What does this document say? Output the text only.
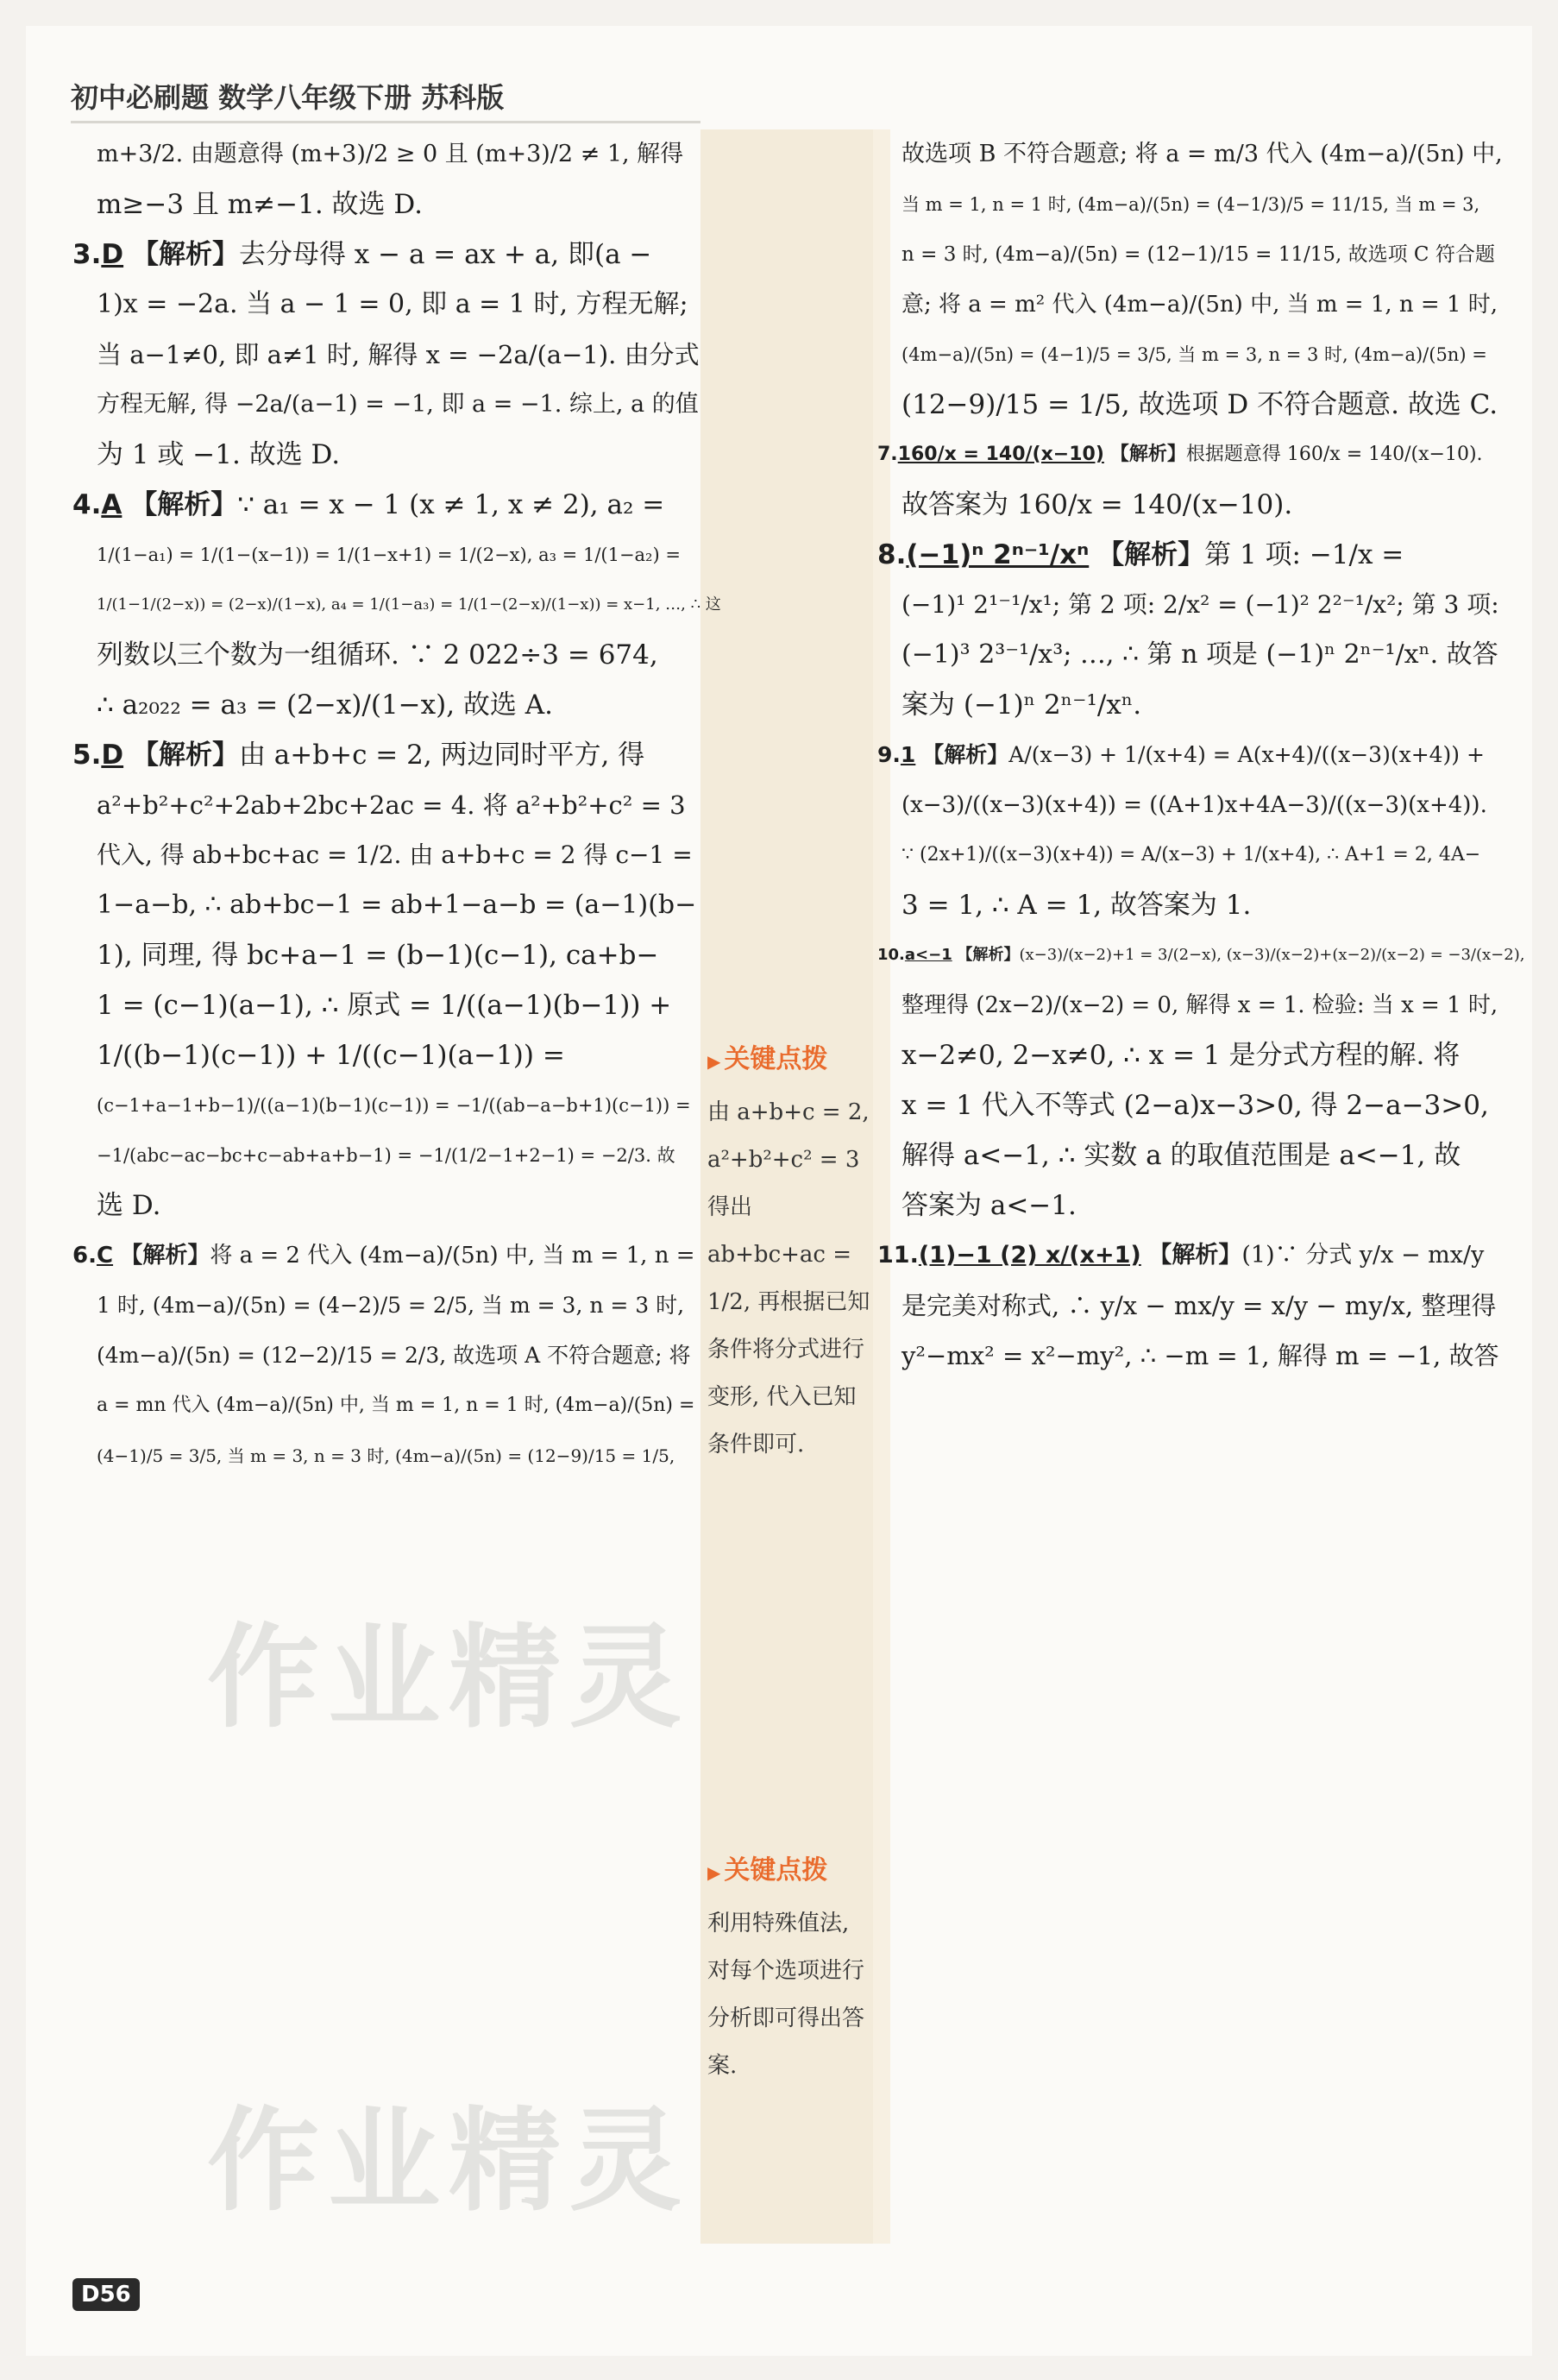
初中必刷题 数学八年级下册 苏科版

m+3/2. 由题意得 (m+3)/2 ≥ 0 且 (m+3)/2 ≠ 1, 解得

m≥−3 且 m≠−1. 故选 D.

3.D 【解析】去分母得 x − a = ax + a, 即(a −

1)x = −2a. 当 a − 1 = 0, 即 a = 1 时, 方程无解;

当 a−1≠0, 即 a≠1 时, 解得 x = −2a/(a−1). 由分式

方程无解, 得 −2a/(a−1) = −1, 即 a = −1. 综上, a 的值

为 1 或 −1. 故选 D.

4.A 【解析】∵ a₁ = x − 1 (x ≠ 1, x ≠ 2), a₂ =

1/(1−a₁) = 1/(1−(x−1)) = 1/(1−x+1) = 1/(2−x), a₃ = 1/(1−a₂) =

1/(1−1/(2−x)) = (2−x)/(1−x), a₄ = 1/(1−a₃) = 1/(1−(2−x)/(1−x)) = x−1, …, ∴ 这

列数以三个数为一组循环. ∵ 2 022÷3 = 674,

∴ a₂₀₂₂ = a₃ = (2−x)/(1−x), 故选 A.

5.D 【解析】由 a+b+c = 2, 两边同时平方, 得

a²+b²+c²+2ab+2bc+2ac = 4. 将 a²+b²+c² = 3

代入, 得 ab+bc+ac = 1/2. 由 a+b+c = 2 得 c−1 =

1−a−b, ∴ ab+bc−1 = ab+1−a−b = (a−1)(b−

1), 同理, 得 bc+a−1 = (b−1)(c−1), ca+b−

1 = (c−1)(a−1), ∴ 原式 = 1/((a−1)(b−1)) +

1/((b−1)(c−1)) + 1/((c−1)(a−1)) =

(c−1+a−1+b−1)/((a−1)(b−1)(c−1)) = −1/((ab−a−b+1)(c−1)) =

−1/(abc−ac−bc+c−ab+a+b−1) = −1/(1/2−1+2−1) = −2/3. 故

选 D.

6.C 【解析】将 a = 2 代入 (4m−a)/(5n) 中, 当 m = 1, n =

1 时, (4m−a)/(5n) = (4−2)/5 = 2/5, 当 m = 3, n = 3 时,

(4m−a)/(5n) = (12−2)/15 = 2/3, 故选项 A 不符合题意; 将

a = mn 代入 (4m−a)/(5n) 中, 当 m = 1, n = 1 时, (4m−a)/(5n) =

(4−1)/5 = 3/5, 当 m = 3, n = 3 时, (4m−a)/(5n) = (12−9)/15 = 1/5,

故选项 B 不符合题意; 将 a = m/3 代入 (4m−a)/(5n) 中,

当 m = 1, n = 1 时, (4m−a)/(5n) = (4−1/3)/5 = 11/15, 当 m = 3,

n = 3 时, (4m−a)/(5n) = (12−1)/15 = 11/15, 故选项 C 符合题

意; 将 a = m² 代入 (4m−a)/(5n) 中, 当 m = 1, n = 1 时,

(4m−a)/(5n) = (4−1)/5 = 3/5, 当 m = 3, n = 3 时, (4m−a)/(5n) =

(12−9)/15 = 1/5, 故选项 D 不符合题意. 故选 C.

7.160/x = 140/(x−10) 【解析】根据题意得 160/x = 140/(x−10).

故答案为 160/x = 140/(x−10).

8.(−1)ⁿ 2ⁿ⁻¹/xⁿ 【解析】第 1 项: −1/x =

(−1)¹ 2¹⁻¹/x¹; 第 2 项: 2/x² = (−1)² 2²⁻¹/x²; 第 3 项:

(−1)³ 2³⁻¹/x³; …, ∴ 第 n 项是 (−1)ⁿ 2ⁿ⁻¹/xⁿ. 故答

案为 (−1)ⁿ 2ⁿ⁻¹/xⁿ.

9.1 【解析】A/(x−3) + 1/(x+4) = A(x+4)/((x−3)(x+4)) +

(x−3)/((x−3)(x+4)) = ((A+1)x+4A−3)/((x−3)(x+4)).

∵ (2x+1)/((x−3)(x+4)) = A/(x−3) + 1/(x+4), ∴ A+1 = 2, 4A−

3 = 1, ∴ A = 1, 故答案为 1.

10.a<−1 【解析】(x−3)/(x−2)+1 = 3/(2−x), (x−3)/(x−2)+(x−2)/(x−2) = −3/(x−2),

整理得 (2x−2)/(x−2) = 0, 解得 x = 1. 检验: 当 x = 1 时,

x−2≠0, 2−x≠0, ∴ x = 1 是分式方程的解. 将

x = 1 代入不等式 (2−a)x−3>0, 得 2−a−3>0,

解得 a<−1, ∴ 实数 a 的取值范围是 a<−1, 故

答案为 a<−1.

11.(1)−1 (2) x/(x+1) 【解析】(1)∵ 分式 y/x − mx/y

是完美对称式, ∴ y/x − mx/y = x/y − my/x, 整理得

y²−mx² = x²−my², ∴ −m = 1, 解得 m = −1, 故答

▶ 关键点拨
由 a+b+c = 2, a²+b²+c² = 3 得出 ab+bc+ac = 1/2, 再根据已知条件将分式进行变形, 代入已知条件即可.
▶ 关键点拨
利用特殊值法, 对每个选项进行分析即可得出答案.
作业精灵
作业精灵
D56
